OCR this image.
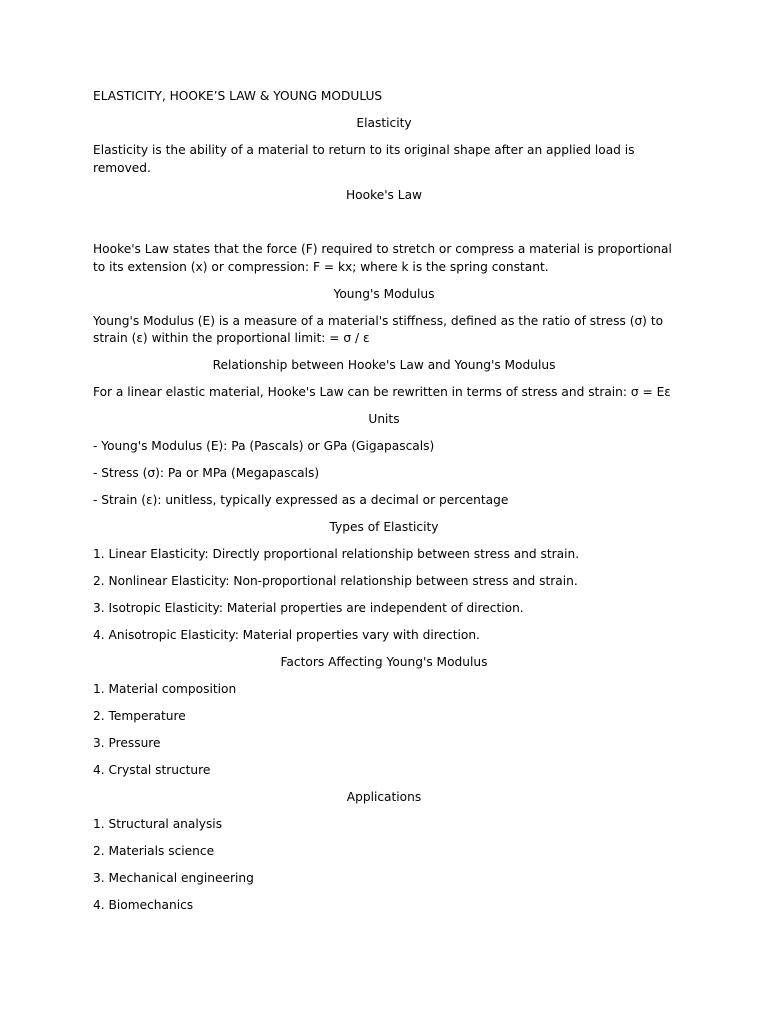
ELASTICITY, HOOKE’S LAW & YOUNG MODULUS

Elasticity

Elasticity is the ability of a material to return to its original shape after an applied load is removed.

Hooke's Law

Hooke's Law states that the force (F) required to stretch or compress a material is proportional to its extension (x) or compression: F = kx; where k is the spring constant.

Young's Modulus

Young's Modulus (E) is a measure of a material's stiffness, defined as the ratio of stress (σ) to strain (ε) within the proportional limit: = σ / ε

Relationship between Hooke's Law and Young's Modulus

For a linear elastic material, Hooke's Law can be rewritten in terms of stress and strain: σ = Eε

Units

- Young's Modulus (E): Pa (Pascals) or GPa (Gigapascals)

- Stress (σ): Pa or MPa (Megapascals)

- Strain (ε): unitless, typically expressed as a decimal or percentage

Types of Elasticity

1. Linear Elasticity: Directly proportional relationship between stress and strain.

2. Nonlinear Elasticity: Non-proportional relationship between stress and strain.

3. Isotropic Elasticity: Material properties are independent of direction.

4. Anisotropic Elasticity: Material properties vary with direction.

Factors Affecting Young's Modulus

1. Material composition

2. Temperature

3. Pressure

4. Crystal structure

Applications

1. Structural analysis

2. Materials science

3. Mechanical engineering

4. Biomechanics
